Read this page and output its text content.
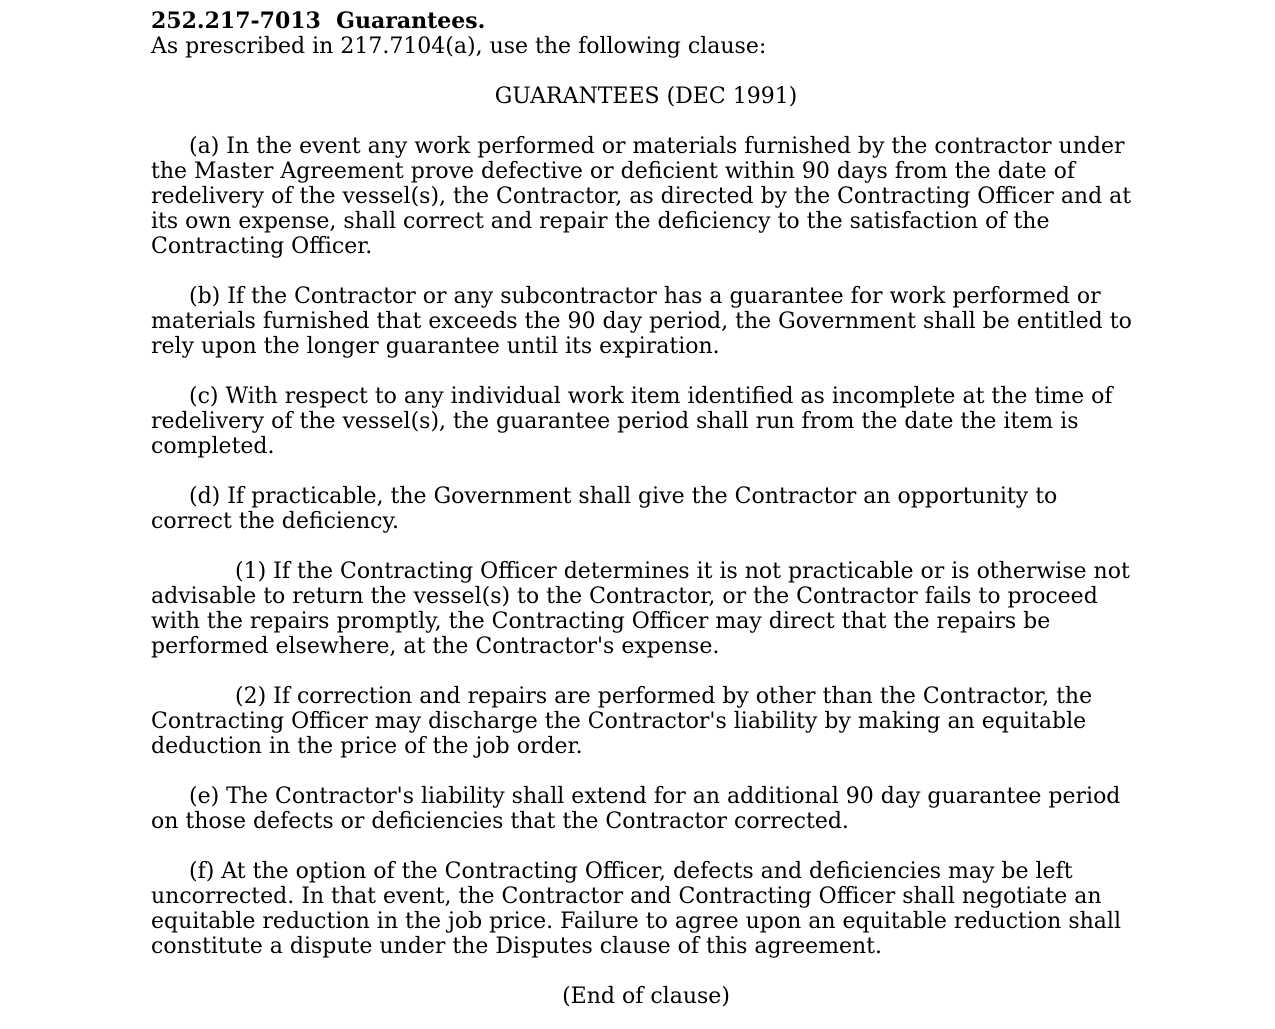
252.217-7013  Guarantees.
As prescribed in 217.7104(a), use the following clause:
GUARANTEES (DEC 1991)

(a) In the event any work performed or materials furnished by the contractor under the Master Agreement prove defective or deficient within 90 days from the date of redelivery of the vessel(s), the Contractor, as directed by the Contracting Officer and at its own expense, shall correct and repair the deficiency to the satisfaction of the Contracting Officer.

(b) If the Contractor or any subcontractor has a guarantee for work performed or materials furnished that exceeds the 90 day period, the Government shall be entitled to rely upon the longer guarantee until its expiration.

(c) With respect to any individual work item identified as incomplete at the time of redelivery of the vessel(s), the guarantee period shall run from the date the item is completed.

(d) If practicable, the Government shall give the Contractor an opportunity to correct the deficiency.

(1) If the Contracting Officer determines it is not practicable or is otherwise not advisable to return the vessel(s) to the Contractor, or the Contractor fails to proceed with the repairs promptly, the Contracting Officer may direct that the repairs be performed elsewhere, at the Contractor's expense.

(2) If correction and repairs are performed by other than the Contractor, the Contracting Officer may discharge the Contractor's liability by making an equitable deduction in the price of the job order.

(e) The Contractor's liability shall extend for an additional 90 day guarantee period on those defects or deficiencies that the Contractor corrected.

(f) At the option of the Contracting Officer, defects and deficiencies may be left uncorrected. In that event, the Contractor and Contracting Officer shall negotiate an equitable reduction in the job price. Failure to agree upon an equitable reduction shall constitute a dispute under the Disputes clause of this agreement.

(End of clause)
